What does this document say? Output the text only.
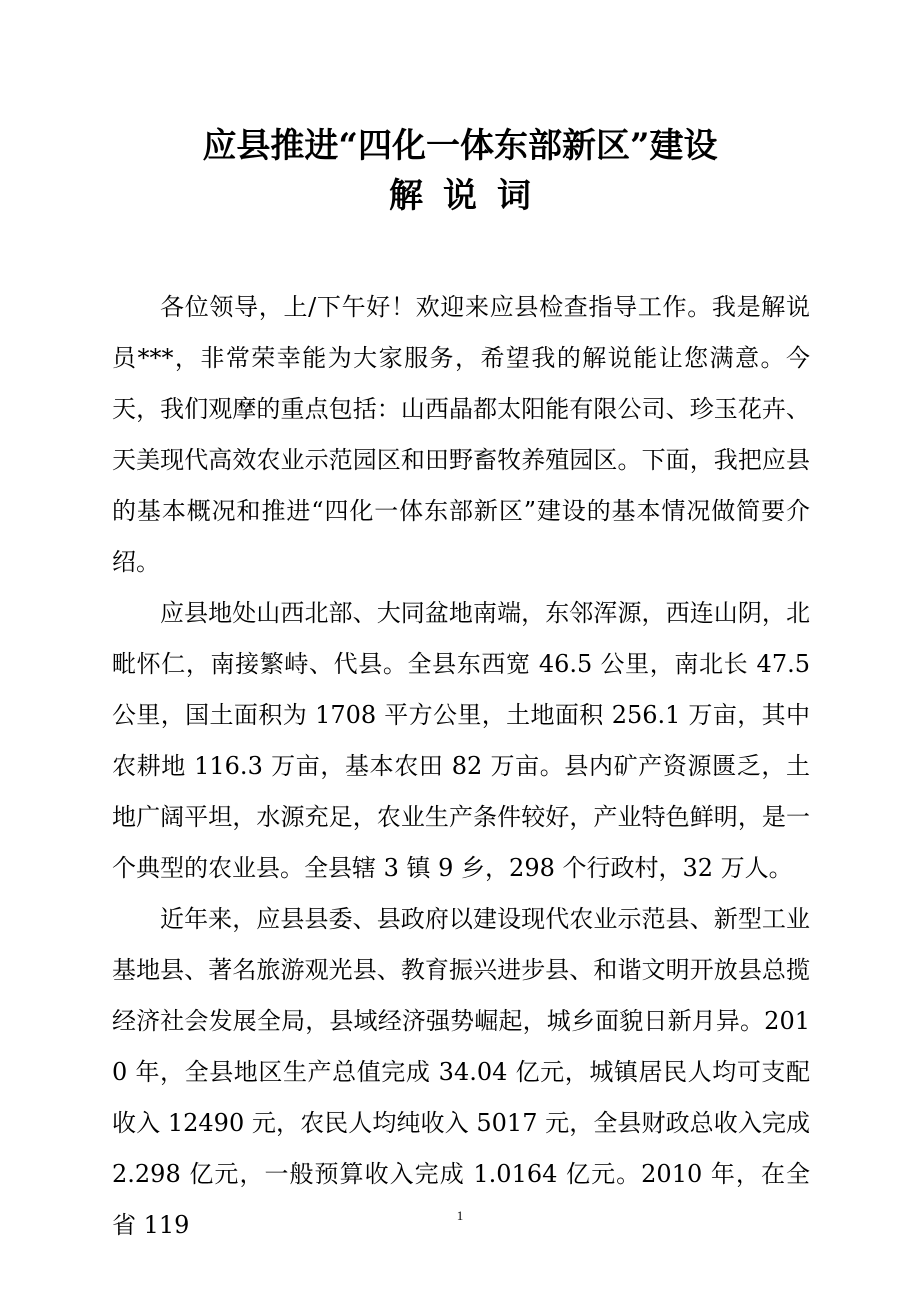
应县推进“四化一体东部新区”建设
解说词

各位领导，上/下午好！欢迎来应县检查指导工作。我是解说员***，非常荣幸能为大家服务，希望我的解说能让您满意。今天，我们观摩的重点包括：山西晶都太阳能有限公司、珍玉花卉、天美现代高效农业示范园区和田野畜牧养殖园区。下面，我把应县的基本概况和推进“四化一体东部新区”建设的基本情况做简要介绍。

应县地处山西北部、大同盆地南端，东邻浑源，西连山阴，北毗怀仁，南接繁峙、代县。全县东西宽 46.5 公里，南北长 47.5 公里，国土面积为 1708 平方公里，土地面积 256.1 万亩，其中农耕地 116.3 万亩，基本农田 82 万亩。县内矿产资源匮乏，土地广阔平坦，水源充足，农业生产条件较好，产业特色鲜明，是一个典型的农业县。全县辖 3 镇 9 乡，298 个行政村，32 万人。

近年来，应县县委、县政府以建设现代农业示范县、新型工业基地县、著名旅游观光县、教育振兴进步县、和谐文明开放县总揽经济社会发展全局，县域经济强势崛起，城乡面貌日新月异。2010 年，全县地区生产总值完成 34.04 亿元，城镇居民人均可支配收入 12490 元，农民人均纯收入 5017 元，全县财政总收入完成 2.298 亿元，一般预算收入完成 1.0164 亿元。2010 年，在全省 119	1
